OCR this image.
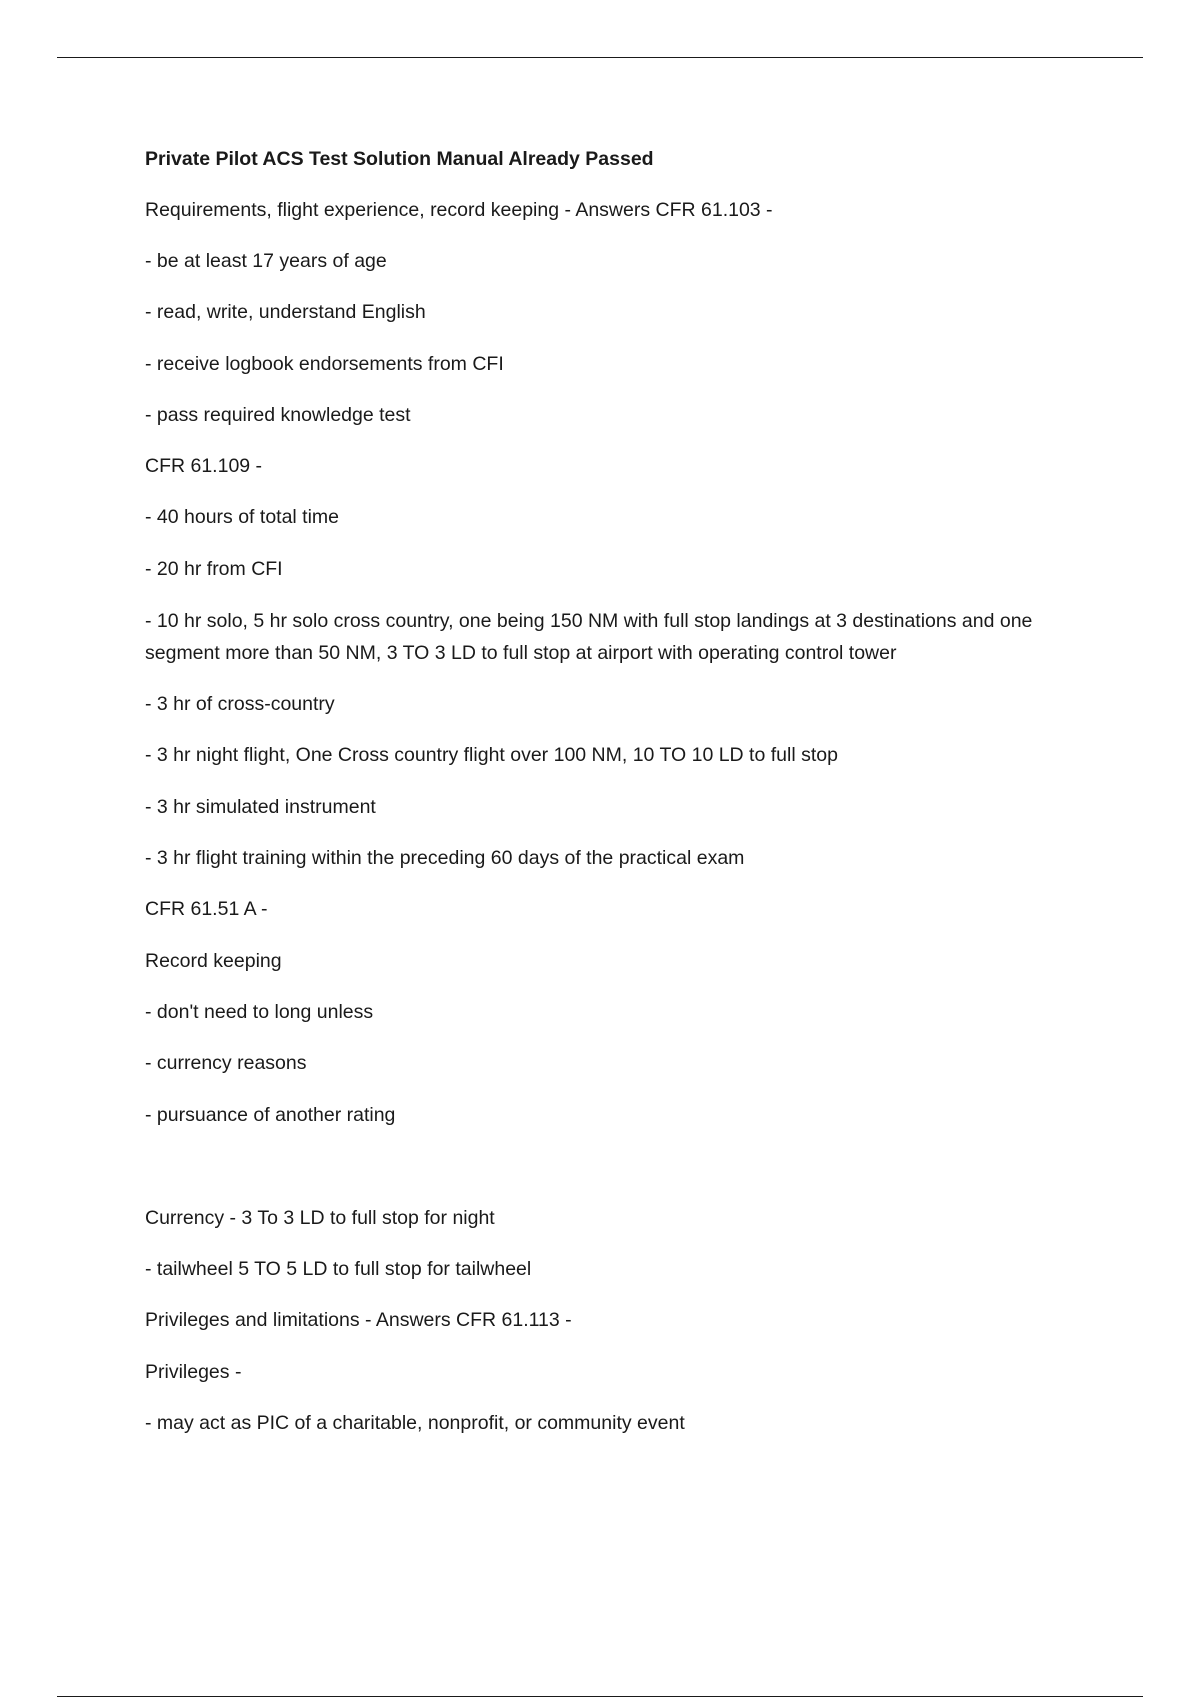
Private Pilot ACS Test Solution Manual Already Passed
Requirements, flight experience, record keeping - Answers CFR 61.103 -
- be at least 17 years of age
- read, write, understand English
- receive logbook endorsements from CFI
- pass required knowledge test
CFR 61.109 -
- 40 hours of total time
- 20 hr from CFI
- 10 hr solo, 5 hr solo cross country, one being 150 NM with full stop landings at 3 destinations and one segment more than 50 NM, 3 TO 3 LD to full stop at airport with operating control tower
- 3 hr of cross-country
- 3 hr night flight, One Cross country flight over 100 NM, 10 TO 10 LD to full stop
- 3 hr simulated instrument
- 3 hr flight training within the preceding 60 days of the practical exam
CFR 61.51 A -
Record keeping
- don't need to long unless
- currency reasons
- pursuance of another rating
Currency - 3 To 3 LD to full stop for night
- tailwheel 5 TO 5 LD to full stop for tailwheel
Privileges and limitations - Answers CFR 61.113 -
Privileges -
- may act as PIC of a charitable, nonprofit, or community event
